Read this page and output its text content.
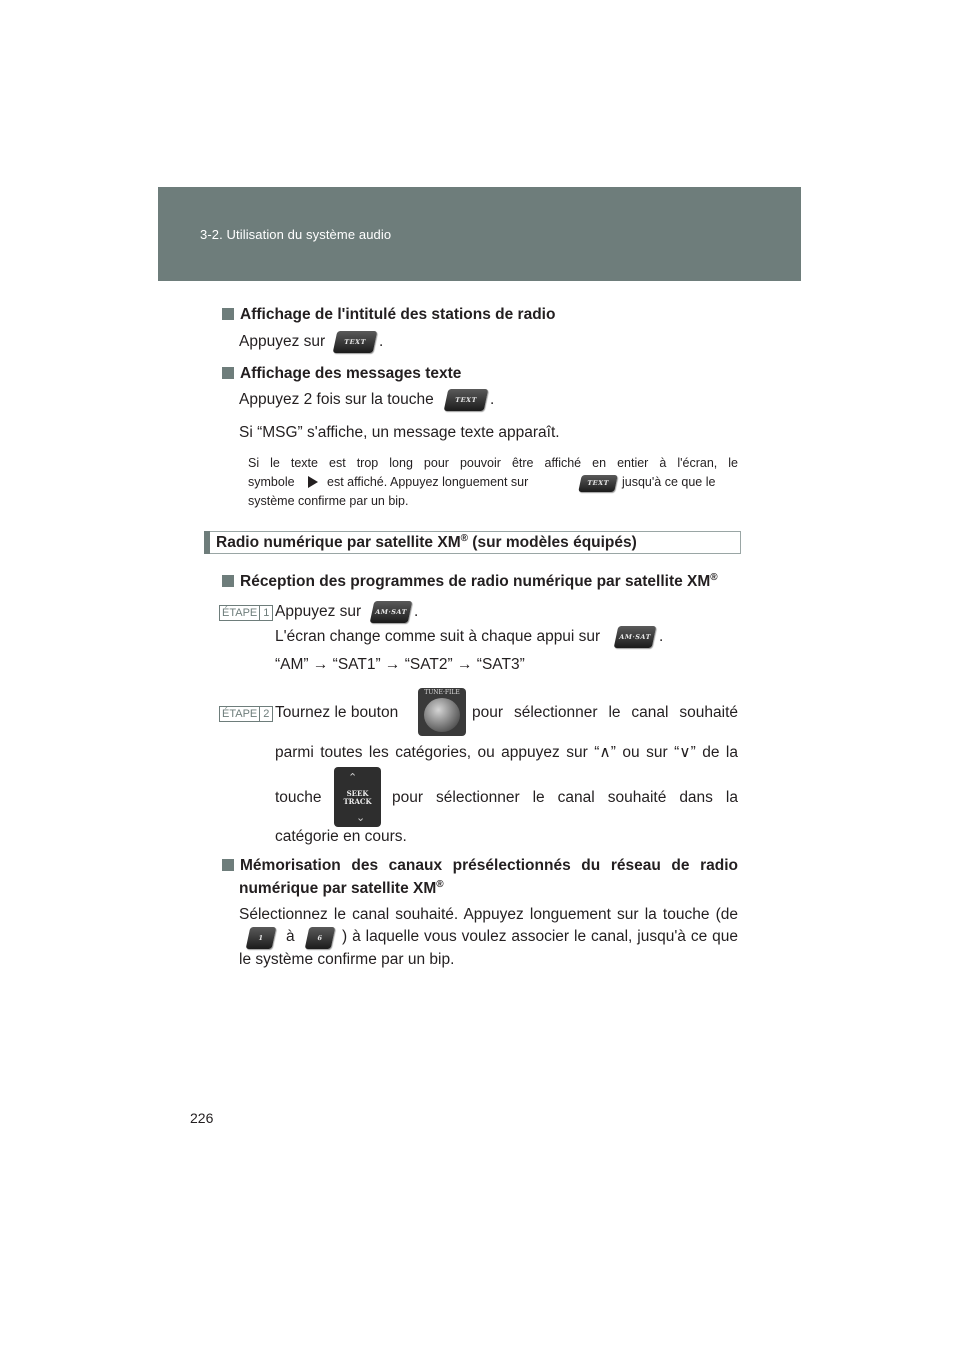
3-2. Utilisation du système audio
Affichage de l'intitulé des stations de radio
Appuyez sur	TEXT .
Affichage des messages texte
Appuyez 2 fois sur la touche	TEXT .
Si “MSG” s'affiche, un message texte apparaît.
Si le texte est trop long pour pouvoir être affiché en entier à l'écran, le
symbole	est affiché. Appuyez longuement sur	TEXT jusqu'à ce que le
système confirme par un bip.
Radio numérique par satellite XM® (sur modèles équipés)
Réception des programmes de radio numérique par satellite XM®
ÉTAPE 1 Appuyez sur	AM·SAT .
L'écran change comme suit à chaque appui sur	AM·SAT .
“AM” → “SAT1” → “SAT2” → “SAT3”
ÉTAPE 2 Tournez le bouton
TUNE·FILE
pour sélectionner le canal souhaité
parmi toutes les catégories, ou appuyez sur “∧” ou sur “∨” de la
touche
⌃
SEEK
TRACK
⌄
pour sélectionner le canal souhaité dans la
catégorie en cours.
Mémorisation des canaux présélectionnés du réseau de radio
numérique par satellite XM®
Sélectionnez le canal souhaité. Appuyez longuement sur la touche (de
1	à	6	) à laquelle vous voulez associer le canal, jusqu'à ce que
le système confirme par un bip.
226
